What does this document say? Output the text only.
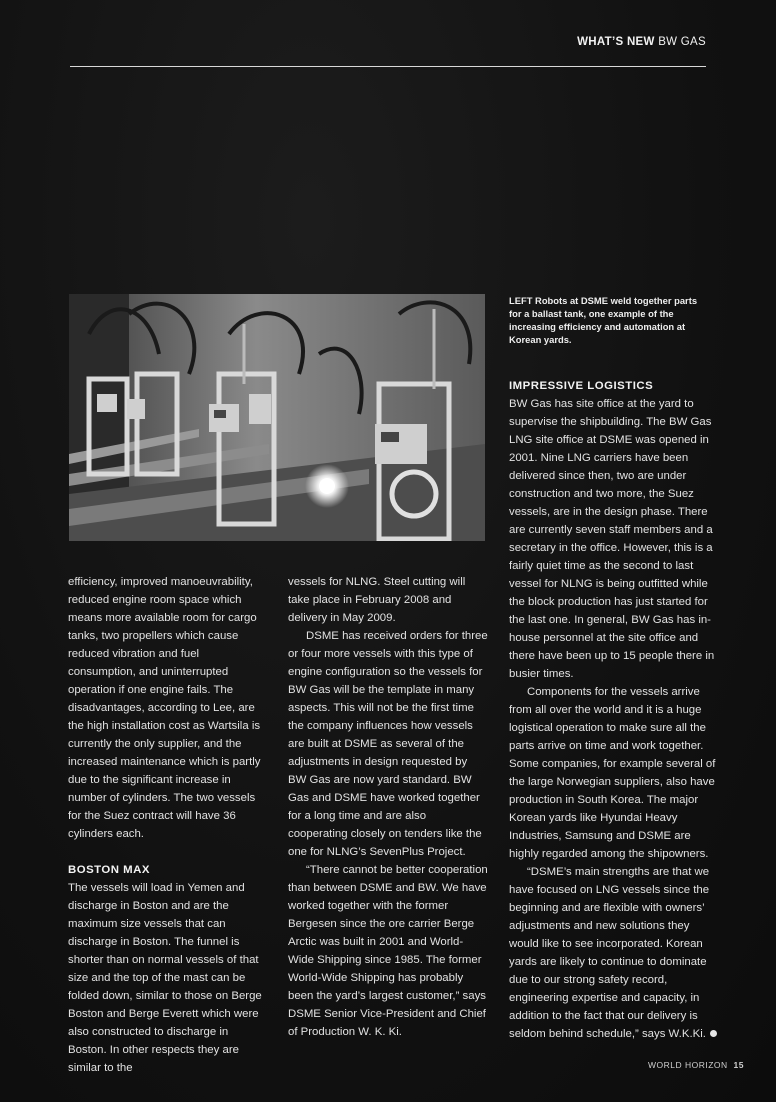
WHAT’S NEW BW GAS
LEFT Robots at DSME weld together parts for a ballast tank, one example of the increasing efficiency and automation at Korean yards.

efficiency, improved manoeuvrability, reduced engine room space which means more available room for cargo tanks, two propellers which cause reduced vibration and fuel consumption, and uninterrupted operation if one engine fails. The disadvantages, according to Lee, are the high installation cost as Wartsila is currently the only supplier, and the increased maintenance which is partly due to the significant increase in number of cylinders. The two vessels for the Suez contract will have 36 cylinders each.

BOSTON MAX

The vessels will load in Yemen and discharge in Boston and are the maximum size vessels that can discharge in Boston. The funnel is shorter than on normal vessels of that size and the top of the mast can be folded down, similar to those on Berge Boston and Berge Everett which were also constructed to discharge in Boston. In other respects they are similar to the

vessels for NLNG. Steel cutting will take place in February 2008 and delivery in May 2009.

DSME has received orders for three or four more vessels with this type of engine configuration so the vessels for BW Gas will be the template in many aspects. This will not be the first time the company influences how vessels are built at DSME as several of the adjustments in design requested by BW Gas are now yard standard. BW Gas and DSME have worked together for a long time and are also cooperating closely on tenders like the one for NLNG’s SevenPlus Project.

“There cannot be better cooperation than between DSME and BW. We have worked together with the former Bergesen since the ore carrier Berge Arctic was built in 2001 and World-Wide Shipping since 1985. The former World-Wide Shipping has probably been the yard’s largest customer,” says DSME Senior Vice-President and Chief of Production W. K. Ki.

IMPRESSIVE LOGISTICS

BW Gas has site office at the yard to supervise the shipbuilding. The BW Gas LNG site office at DSME was opened in 2001. Nine LNG carriers have been delivered since then, two are under construction and two more, the Suez vessels, are in the design phase. There are currently seven staff members and a secretary in the office. However, this is a fairly quiet time as the second to last vessel for NLNG is being outfitted while the block production has just started for the last one. In general, BW Gas has in-house personnel at the site office and there have been up to 15 people there in busier times.

Components for the vessels arrive from all over the world and it is a huge logistical operation to make sure all the parts arrive on time and work together. Some companies, for example several of the large Norwegian suppliers, also have production in South Korea. The major Korean yards like Hyundai Heavy Industries, Samsung and DSME are highly regarded among the shipowners.

“DSME’s main strengths are that we have focused on LNG vessels since the beginning and are flexible with owners’ adjustments and new solutions they would like to see incorporated. Korean yards are likely to continue to dominate due to our strong safety record, engineering expertise and capacity, in addition to the fact that our delivery is seldom behind schedule,” says W.K.Ki.

WORLD HORIZON 15
